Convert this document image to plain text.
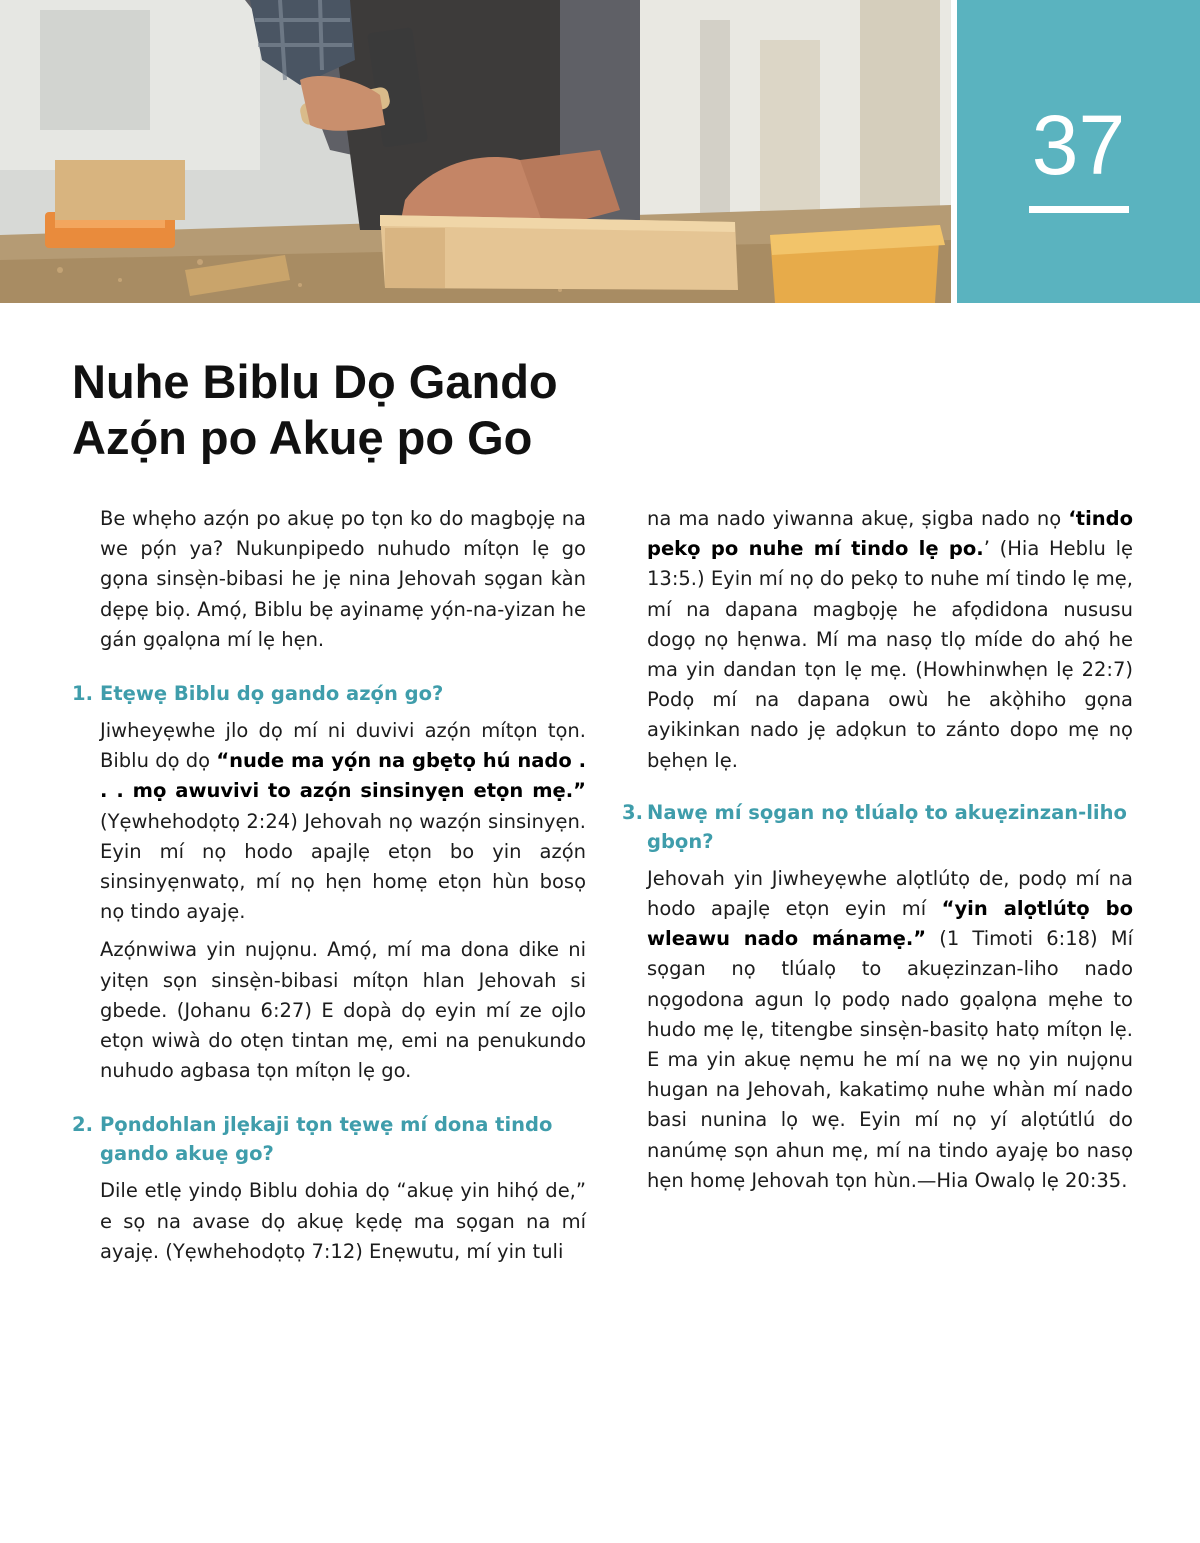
37
Nuhe Biblu Dọ Gando
Azọ́n po Akuẹ po Go

Be whẹho azọ́n po akuẹ po tọn ko do magbọjẹ na we pọ́n ya? Nukunpipedo nuhudo mítọn lẹ go gọna sinsẹ̀n-bibasi he jẹ nina Jehovah sọgan kàn dẹpẹ biọ. Amọ́, Biblu bẹ ayinamẹ yọ́n-na-yizan he gán gọalọna mí lẹ hẹn.

1. Etẹwẹ Biblu dọ gando azọ́n go?

Jiwheyẹwhe jlo dọ mí ni duvivi azọ́n mítọn tọn. Biblu dọ dọ “nude ma yọ́n na gbẹtọ hú nado . . . mọ awuvivi to azọ́n sinsinyẹn etọn mẹ.” (Yẹwhehodọtọ 2:24) Jehovah nọ wazọ́n sinsinyẹn. Eyin mí nọ hodo apajlẹ etọn bo yin azọ́n sinsinyẹnwatọ, mí nọ hẹn homẹ etọn hùn bosọ nọ tindo ayajẹ.

Azọ́nwiwa yin nujọnu. Amọ́, mí ma dona dike ni yitẹn sọn sinsẹ̀n-bibasi mítọn hlan Jehovah si gbede. (Johanu 6:27) E dopà dọ eyin mí ze ojlo etọn wiwà do otẹn tintan mẹ, emi na penukundo nuhudo agbasa tọn mítọn lẹ go.

2. Pọndohlan jlẹkaji tọn tẹwẹ mí dona tindo gando akuẹ go?

Dile etlẹ yindọ Biblu dohia dọ “akuẹ yin hihọ́ de,” e sọ na avase dọ akuẹ kẹdẹ ma sọgan na mí ayajẹ. (Yẹwhehodọtọ 7:12) Enẹwutu, mí yin tuli

na ma nado yiwanna akuẹ, ṣigba nado nọ ‘tindo pekọ po nuhe mí tindo lẹ po.’ (Hia Heblu lẹ 13:5.) Eyin mí nọ do pekọ to nuhe mí tindo lẹ mẹ, mí na dapana magbọjẹ he afọdidona nususu dogọ nọ hẹnwa. Mí ma nasọ tlọ míde do ahọ́ he ma yin dandan tọn lẹ mẹ. (Howhinwhẹn lẹ 22:7) Podọ mí na dapana owù he akọ̀hiho gọna ayikinkan nado jẹ adọkun to zánto dopo mẹ nọ bẹhẹn lẹ.

3. Nawẹ mí sọgan nọ tlúalọ to akuẹzinzan-liho gbọn?

Jehovah yin Jiwheyẹwhe alọtlútọ de, podọ mí na hodo apajlẹ etọn eyin mí “yin alọtlútọ bo wleawu nado mánamẹ.” (1 Timoti 6:18) Mí sọgan nọ tlúalọ to akuẹzinzan-liho nado nọgodona agun lọ podọ nado gọalọna mẹhe to hudo mẹ lẹ, titengbe sinsẹ̀n-basitọ hatọ mítọn lẹ. E ma yin akuẹ nẹmu he mí na wẹ nọ yin nujọnu hugan na Jehovah, kakatimọ nuhe whàn mí nado basi nunina lọ wẹ. Eyin mí nọ yí alọtútlú do nanúmẹ sọn ahun mẹ, mí na tindo ayajẹ bo nasọ hẹn homẹ Jehovah tọn hùn.—Hia Owalọ lẹ 20:35.
